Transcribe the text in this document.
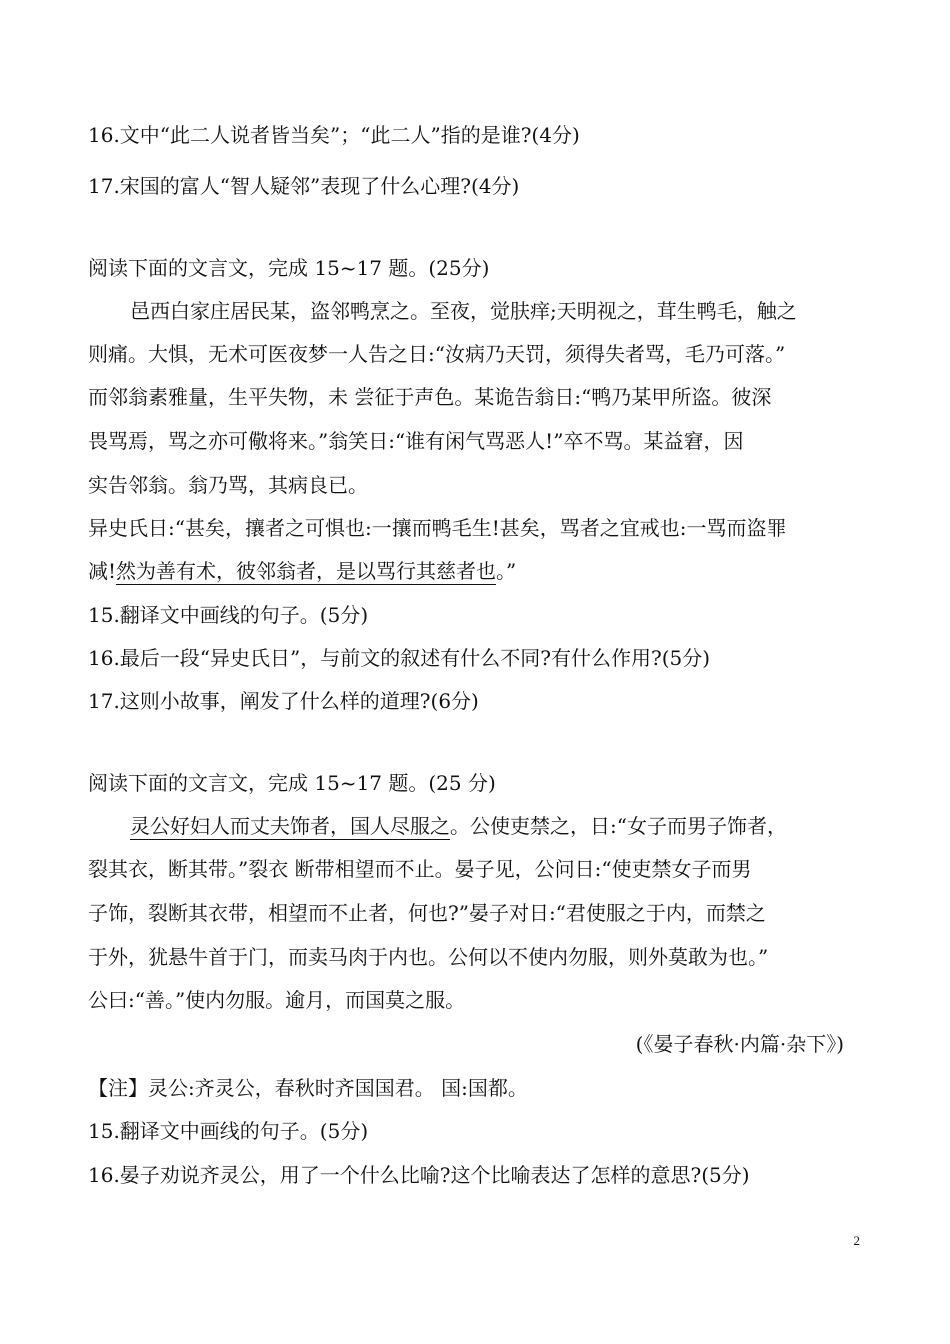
16.文中“此二人说者皆当矣”；“此二人”指的是谁?(4分)
17.宋国的富人“智人疑邻”表现了什么心理?(4分)
阅读下面的文言文，完成 15~17 题。(25分)
邑西白家庄居民某，盗邻鸭烹之。至夜，觉肤痒;天明视之，茸生鸭毛，触之
则痛。大惧，无术可医夜梦一人告之日:“汝病乃天罚，须得失者骂，毛乃可落。”
而邻翁素雅量，生平失物，未 尝征于声色。某诡告翁日:“鸭乃某甲所盗。彼深
畏骂焉，骂之亦可儆将来。”翁笑日:“谁有闲气骂恶人!”卒不骂。某益窘，因
实告邻翁。翁乃骂，其病良已。
异史氏日:“甚矣，攘者之可惧也:一攘而鸭毛生!甚矣，骂者之宜戒也:一骂而盗罪
减!然为善有术，彼邻翁者，是以骂行其慈者也。”
15.翻译文中画线的句子。(5分)
16.最后一段“异史氏日”，与前文的叙述有什么不同?有什么作用?(5分)
17.这则小故事，阐发了什么样的道理?(6分)
阅读下面的文言文，完成 15~17 题。(25 分)
灵公好妇人而丈夫饰者，国人尽服之。公使吏禁之，日:“女子而男子饰者，
裂其衣，断其带。”裂衣 断带相望而不止。晏子见，公问日:“使吏禁女子而男
子饰，裂断其衣带，相望而不止者，何也?”晏子对日:“君使服之于内，而禁之
于外，犹悬牛首于门，而卖马肉于内也。公何以不使内勿服，则外莫敢为也。”
公曰:“善。”使内勿服。逾月，而国莫之服。
(《晏子春秋·内篇·杂下》)
【注】灵公:齐灵公，春秋时齐国国君。 国:国都。
15.翻译文中画线的句子。(5分)
16.晏子劝说齐灵公，用了一个什么比喻?这个比喻表达了怎样的意思?(5分)
2
